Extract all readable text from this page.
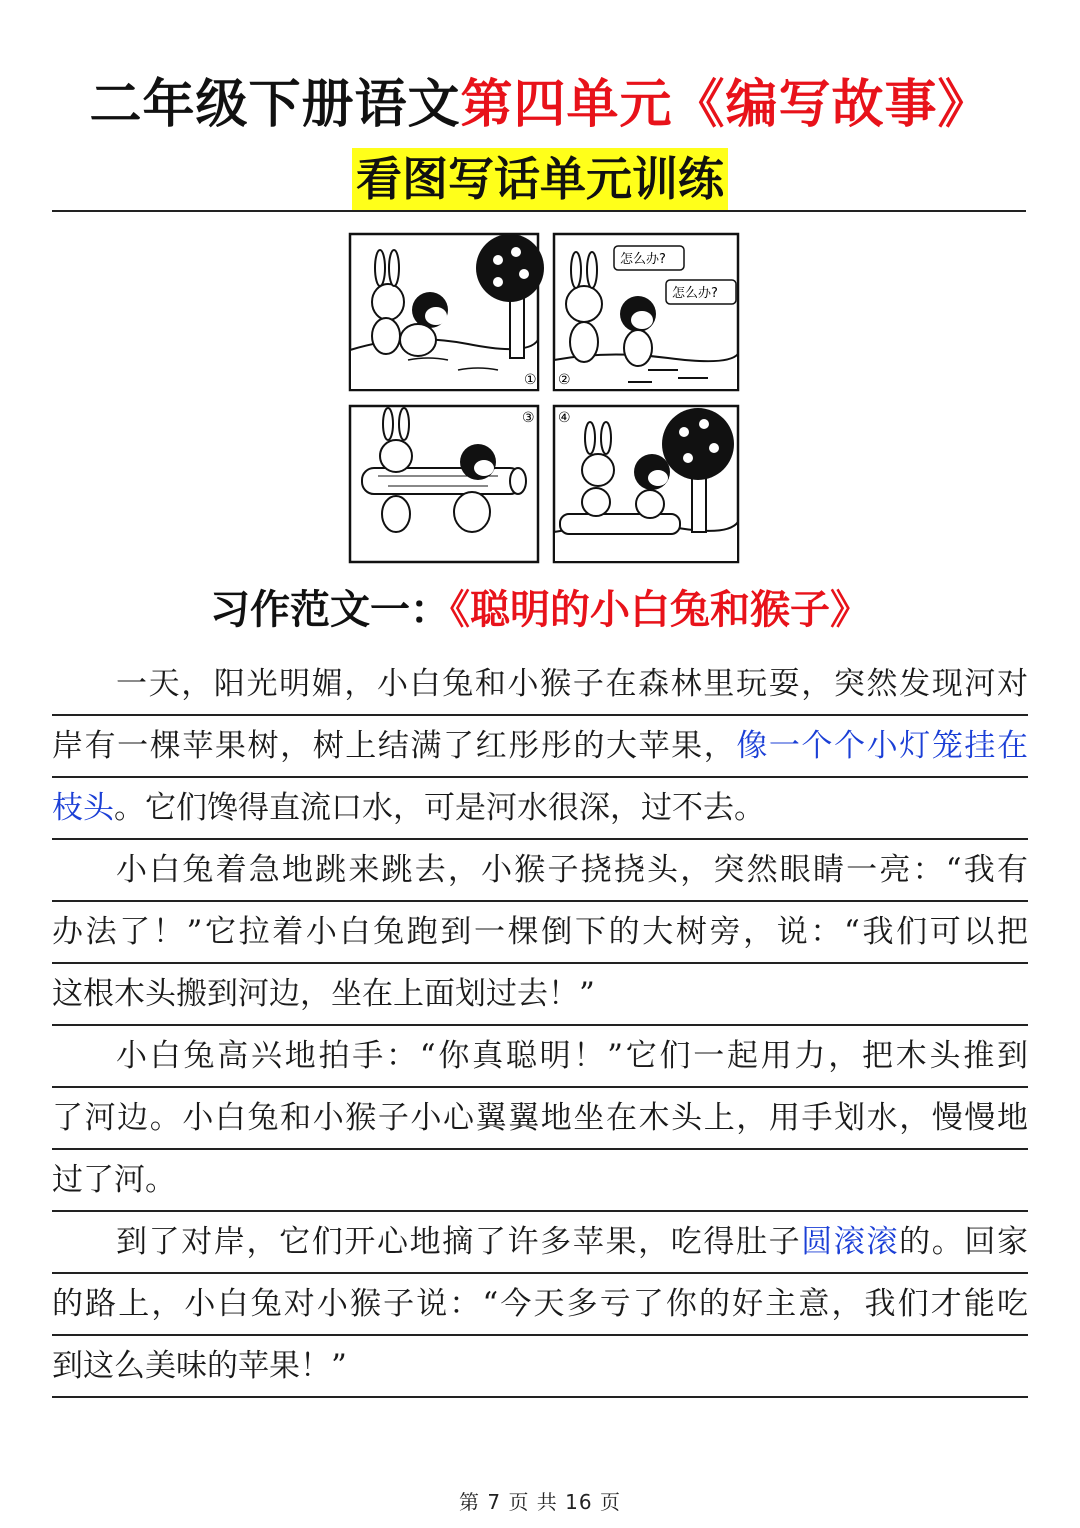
二年级下册语文第四单元《编写故事》
看图写话单元训练
①
怎么办?
怎么办?
②
③ ④
习作范文一：《聪明的小白兔和猴子》
一天，阳光明媚，小白兔和小猴子在森林里玩耍，突然发现河对
岸有一棵苹果树，树上结满了红彤彤的大苹果，像一个个小灯笼挂在
枝头。它们馋得直流口水，可是河水很深，过不去。
小白兔着急地跳来跳去，小猴子挠挠头，突然眼睛一亮：“我有
办法了！”它拉着小白兔跑到一棵倒下的大树旁，说：“我们可以把
这根木头搬到河边，坐在上面划过去！”
小白兔高兴地拍手：“你真聪明！”它们一起用力，把木头推到
了河边。小白兔和小猴子小心翼翼地坐在木头上，用手划水，慢慢地
过了河。
到了对岸，它们开心地摘了许多苹果，吃得肚子圆滚滚的。回家
的路上，小白兔对小猴子说：“今天多亏了你的好主意，我们才能吃
到这么美味的苹果！”
第 7 页 共 16 页
